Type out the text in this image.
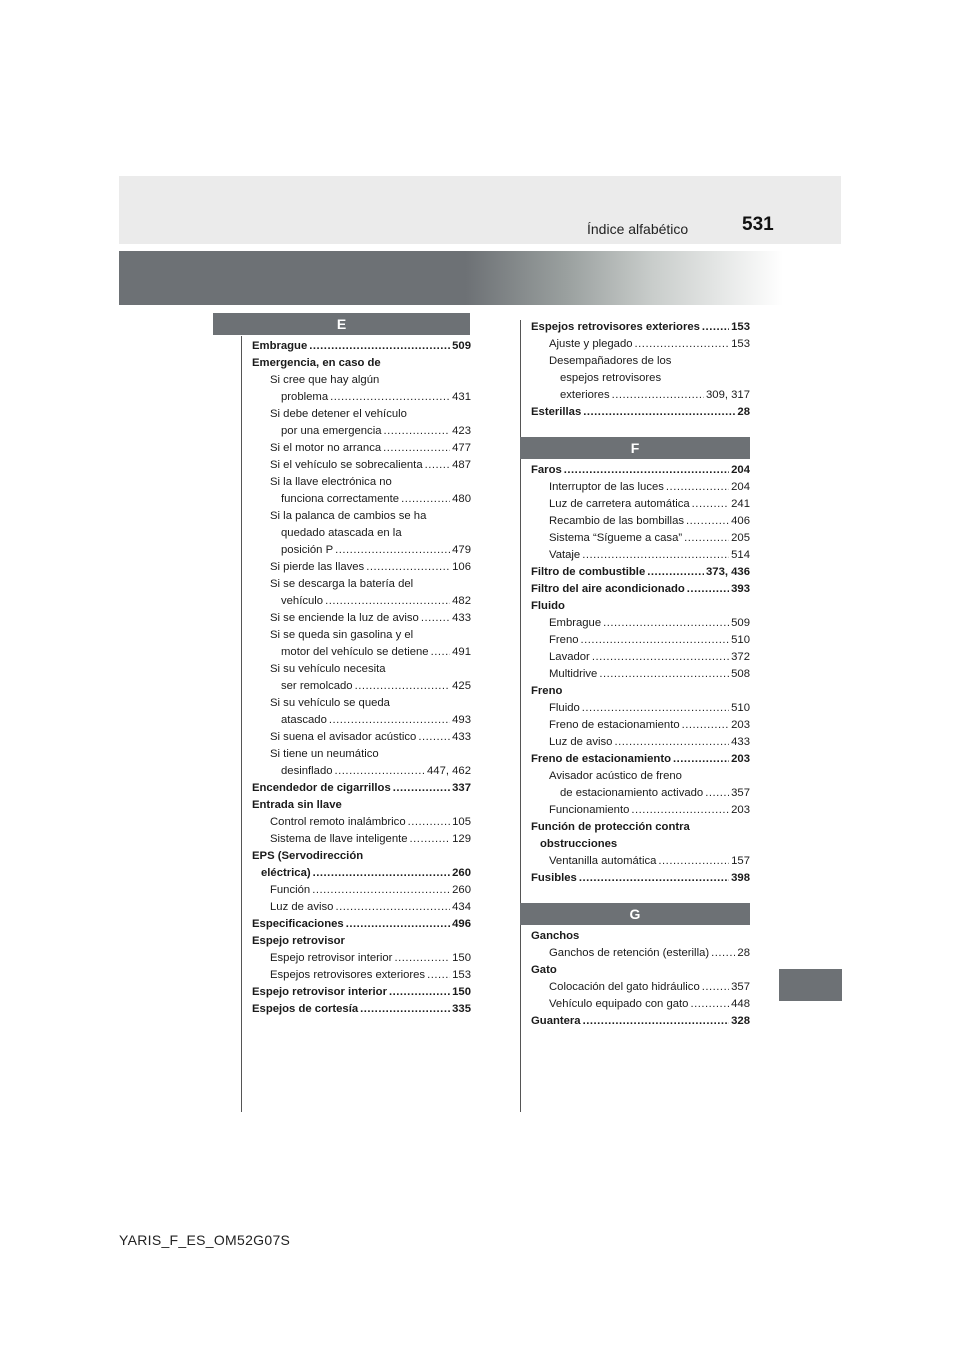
Índice alfabético	531
E
F
G
Embrague .....	509
Emergencia, en caso de
Si cree que hay algún
problema .....	431
Si debe detener el vehículo
por una emergencia .....	423
Si el motor no arranca .....	477
Si el vehículo se sobrecalienta .....	487
Si la llave electrónica no
funciona correctamente .....	480
Si la palanca de cambios se ha
quedado atascada en la
posición P .....	479
Si pierde las llaves .....	106
Si se descarga la batería del
vehículo .....	482
Si se enciende la luz de aviso .....	433
Si se queda sin gasolina y el
motor del vehículo se detiene ..... 491
Si su vehículo necesita
ser remolcado .....	425
Si su vehículo se queda
atascado .....	493
Si suena el avisador acústico .....	433
Si tiene un neumático
desinflado .....	447, 462
Encendedor de cigarrillos .....	337
Entrada sin llave
Control remoto inalámbrico .....	105
Sistema de llave inteligente .....	129
EPS (Servodirección
eléctrica) .....	260
Función .....	260
Luz de aviso .....	434
Especificaciones .....	496
Espejo retrovisor
Espejo retrovisor interior .....	150
Espejos retrovisores exteriores ..... 153
Espejo retrovisor interior .....	150
Espejos de cortesía .....	335
Espejos retrovisores exteriores .....	153
Ajuste y plegado .....	153
Desempañadores de los
espejos retrovisores
exteriores .....	309, 317
Esterillas .....	28
Faros .....	204
Interruptor de las luces .....	204
Luz de carretera automática .....	241
Recambio de las bombillas .....	406
Sistema “Sígueme a casa” .....	205
Vataje .....	514
Filtro de combustible .....	373, 436
Filtro del aire acondicionado .....	393
Fluido
Embrague .....	509
Freno .....	510
Lavador .....	372
Multidrive .....	508
Freno
Fluido .....	510
Freno de estacionamiento .....	203
Luz de aviso .....	433
Freno de estacionamiento .....	203
Avisador acústico de freno
de estacionamiento activado ..... 357
Funcionamiento .....	203
Función de protección contra
obstrucciones
Ventanilla automática .....	157
Fusibles .....	398
Ganchos
Ganchos de retención (esterilla) .....	28
Gato
Colocación del gato hidráulico .....	357
Vehículo equipado con gato .....	448
Guantera .....	328
YARIS_F_ES_OM52G07S
